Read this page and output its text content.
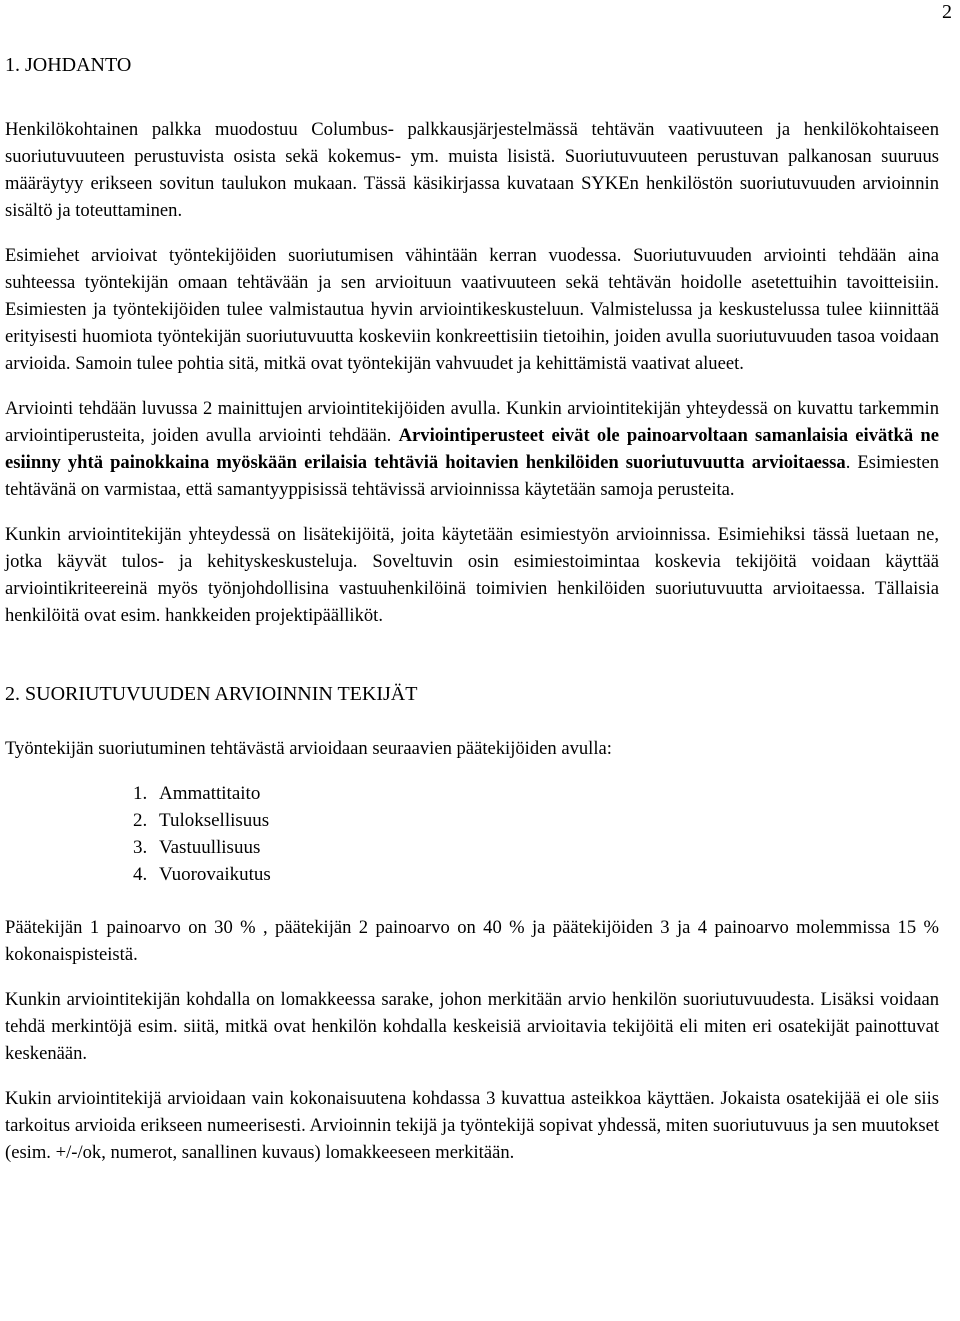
2
1. JOHDANTO

Henkilökohtainen palkka muodostuu Columbus- palkkausjärjestelmässä tehtävän vaativuuteen ja henkilökohtaiseen suoriutuvuuteen perustuvista osista sekä kokemus- ym. muista lisistä. Suoriutuvuuteen perustuvan palkanosan suuruus määräytyy erikseen sovitun taulukon mukaan. Tässä käsikirjassa kuvataan SYKEn henkilöstön suoriutuvuuden arvioinnin sisältö ja toteuttaminen.

Esimiehet arvioivat työntekijöiden suoriutumisen vähintään kerran vuodessa. Suoriutuvuuden arviointi tehdään aina suhteessa työntekijän omaan tehtävään ja sen arvioituun vaativuuteen sekä tehtävän hoidolle asetettuihin tavoitteisiin. Esimiesten ja työntekijöiden tulee valmistautua hyvin arviointikeskusteluun. Valmistelussa ja keskustelussa tulee kiinnittää erityisesti huomiota työntekijän suoriutuvuutta koskeviin konkreettisiin tietoihin, joiden avulla suoriutuvuuden tasoa voidaan arvioida. Samoin tulee pohtia sitä, mitkä ovat työntekijän vahvuudet ja kehittämistä vaativat alueet.

Arviointi tehdään luvussa 2 mainittujen arviointitekijöiden avulla. Kunkin arviointitekijän yhteydessä on kuvattu tarkemmin arviointiperusteita, joiden avulla arviointi tehdään. Arviointiperusteet eivät ole painoarvoltaan samanlaisia eivätkä ne esiinny yhtä painokkaina myöskään erilaisia tehtäviä hoitavien henkilöiden suoriutuvuutta arvioitaessa. Esimiesten tehtävänä on varmistaa, että samantyyppisissä tehtävissä arvioinnissa käytetään samoja perusteita.

Kunkin arviointitekijän yhteydessä on lisätekijöitä, joita käytetään esimiestyön arvioinnissa. Esimiehiksi tässä luetaan ne, jotka käyvät tulos- ja kehityskeskusteluja. Soveltuvin osin esimiestoimintaa koskevia tekijöitä voidaan käyttää arviointikriteereinä myös työnjohdollisina vastuuhenkilöinä toimivien henkilöiden suoriutuvuutta arvioitaessa. Tällaisia henkilöitä ovat esim. hankkeiden projektipäälliköt.

2. SUORIUTUVUUDEN ARVIOINNIN TEKIJÄT

Työntekijän suoriutuminen tehtävästä arvioidaan seuraavien päätekijöiden avulla:

1. Ammattitaito
2. Tuloksellisuus
3. Vastuullisuus
4. Vuorovaikutus

Päätekijän 1 painoarvo on 30 % , päätekijän 2 painoarvo on 40 % ja päätekijöiden 3 ja 4 painoarvo molemmissa 15 % kokonaispisteistä.

Kunkin arviointitekijän kohdalla on lomakkeessa sarake, johon merkitään arvio henkilön suoriutuvuudesta. Lisäksi voidaan tehdä merkintöjä esim. siitä, mitkä ovat henkilön kohdalla keskeisiä arvioitavia tekijöitä eli miten eri osatekijät painottuvat keskenään.

Kukin arviointitekijä arvioidaan vain kokonaisuutena kohdassa 3 kuvattua asteikkoa käyttäen. Jokaista osatekijää ei ole siis tarkoitus arvioida erikseen numeerisesti. Arvioinnin tekijä ja työntekijä sopivat yhdessä, miten suoriutuvuus ja sen muutokset (esim. +/-/ok, numerot, sanallinen kuvaus) lomakkeeseen merkitään.
